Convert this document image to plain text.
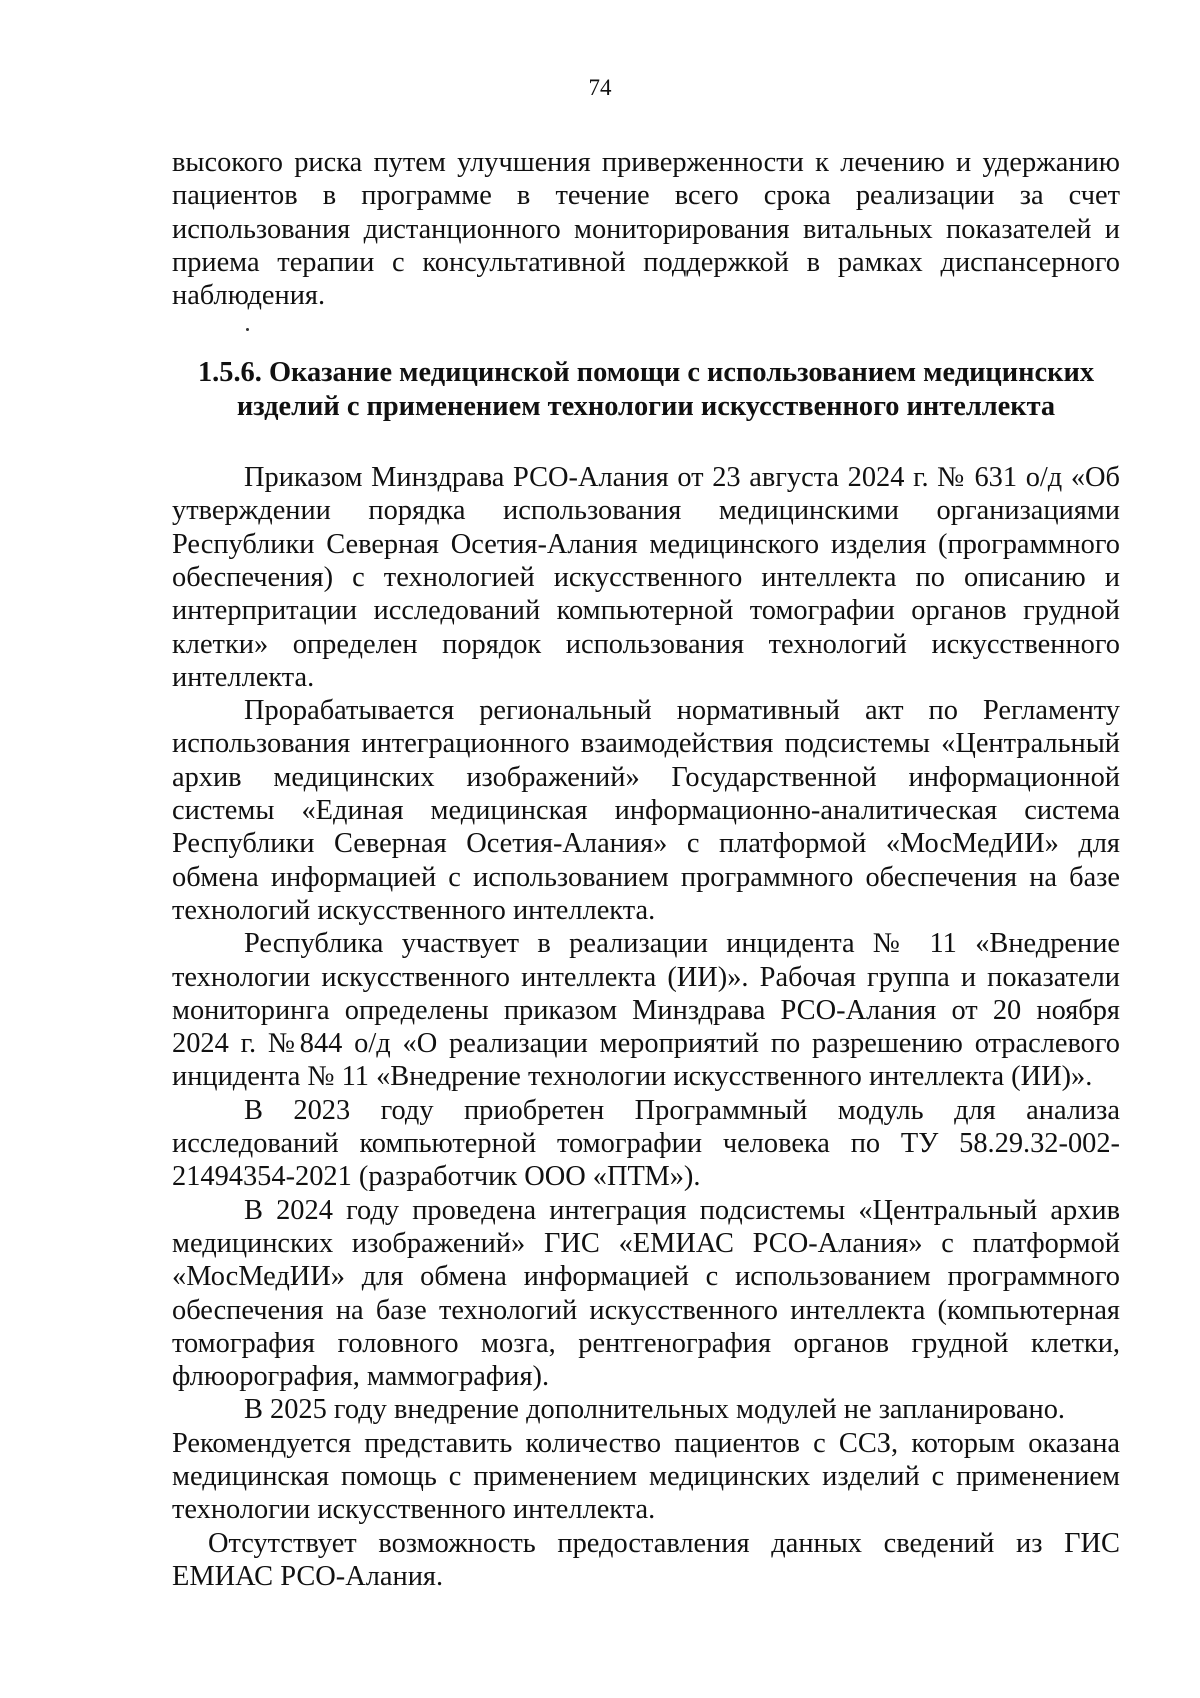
74

высокого риска путем улучшения приверженности к лечению и удержанию пациентов в программе в течение всего срока реализации за счет использования дистанционного мониторирования витальных показателей и приема терапии с консультативной поддержкой в рамках диспансерного наблюдения.

1.5.6. Оказание медицинской помощи с использованием медицинских изделий с применением технологии искусственного интеллекта

Приказом Минздрава РСО-Алания от 23 августа 2024 г. № 631 о/д «Об утверждении порядка использования медицинскими организациями Республики Северная Осетия-Алания медицинского изделия (программного обеспечения) с технологией искусственного интеллекта по описанию и интерпритации исследований компьютерной томографии органов грудной клетки» определен порядок использования технологий искусственного интеллекта.

Прорабатывается региональный нормативный акт по Регламенту использования интеграционного взаимодействия подсистемы «Центральный архив медицинских изображений» Государственной информационной системы «Единая медицинская информационно-аналитическая система Республики Северная Осетия-Алания» с платформой «МосМедИИ» для обмена информацией с использованием программного обеспечения на базе технологий искусственного интеллекта.

Республика участвует в реализации инцидента № 11 «Внедрение технологии искусственного интеллекта (ИИ)». Рабочая группа и показатели мониторинга определены приказом Минздрава РСО-Алания от 20 ноября 2024 г. №844 о/д «О реализации мероприятий по разрешению отраслевого инцидента № 11 «Внедрение технологии искусственного интеллекта (ИИ)».

В 2023 году приобретен Программный модуль для анализа исследований компьютерной томографии человека по ТУ 58.29.32-002-21494354-2021 (разработчик ООО «ПТМ»).

В 2024 году проведена интеграция подсистемы «Центральный архив медицинских изображений» ГИС «ЕМИАС РСО-Алания» с платформой «МосМедИИ» для обмена информацией с использованием программного обеспечения на базе технологий искусственного интеллекта (компьютерная томография головного мозга, рентгенография органов грудной клетки, флюорография, маммография).

В 2025 году внедрение дополнительных модулей не запланировано.

Рекомендуется представить количество пациентов с ССЗ, которым оказана медицинская помощь с применением медицинских изделий с применением технологии искусственного интеллекта.

Отсутствует возможность предоставления данных сведений из ГИС ЕМИАС РСО-Алания.
